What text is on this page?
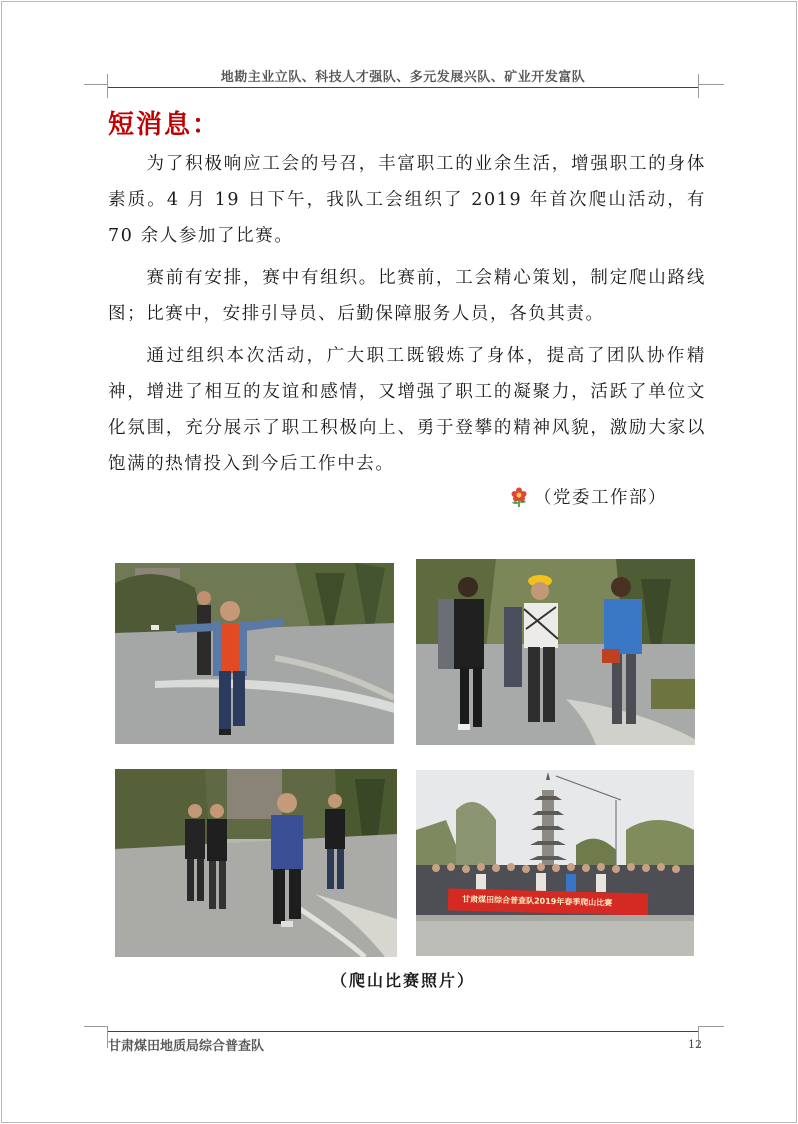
地勘主业立队、科技人才强队、多元发展兴队、矿业开发富队
短消息：

为了积极响应工会的号召，丰富职工的业余生活，增强职工的身体素质。4 月 19 日下午，我队工会组织了 2019 年首次爬山活动，有 70 余人参加了比赛。

赛前有安排，赛中有组织。比赛前，工会精心策划，制定爬山路线图；比赛中，安排引导员、后勤保障服务人员，各负其责。

通过组织本次活动，广大职工既锻炼了身体，提高了团队协作精神，增进了相互的友谊和感情，又增强了职工的凝聚力，活跃了单位文化氛围，充分展示了职工积极向上、勇于登攀的精神风貌，激励大家以饱满的热情投入到今后工作中去。

（党委工作部）
甘肃煤田综合普查队2019年春季爬山比赛
（爬山比赛照片）
甘肃煤田地质局综合普查队	12
